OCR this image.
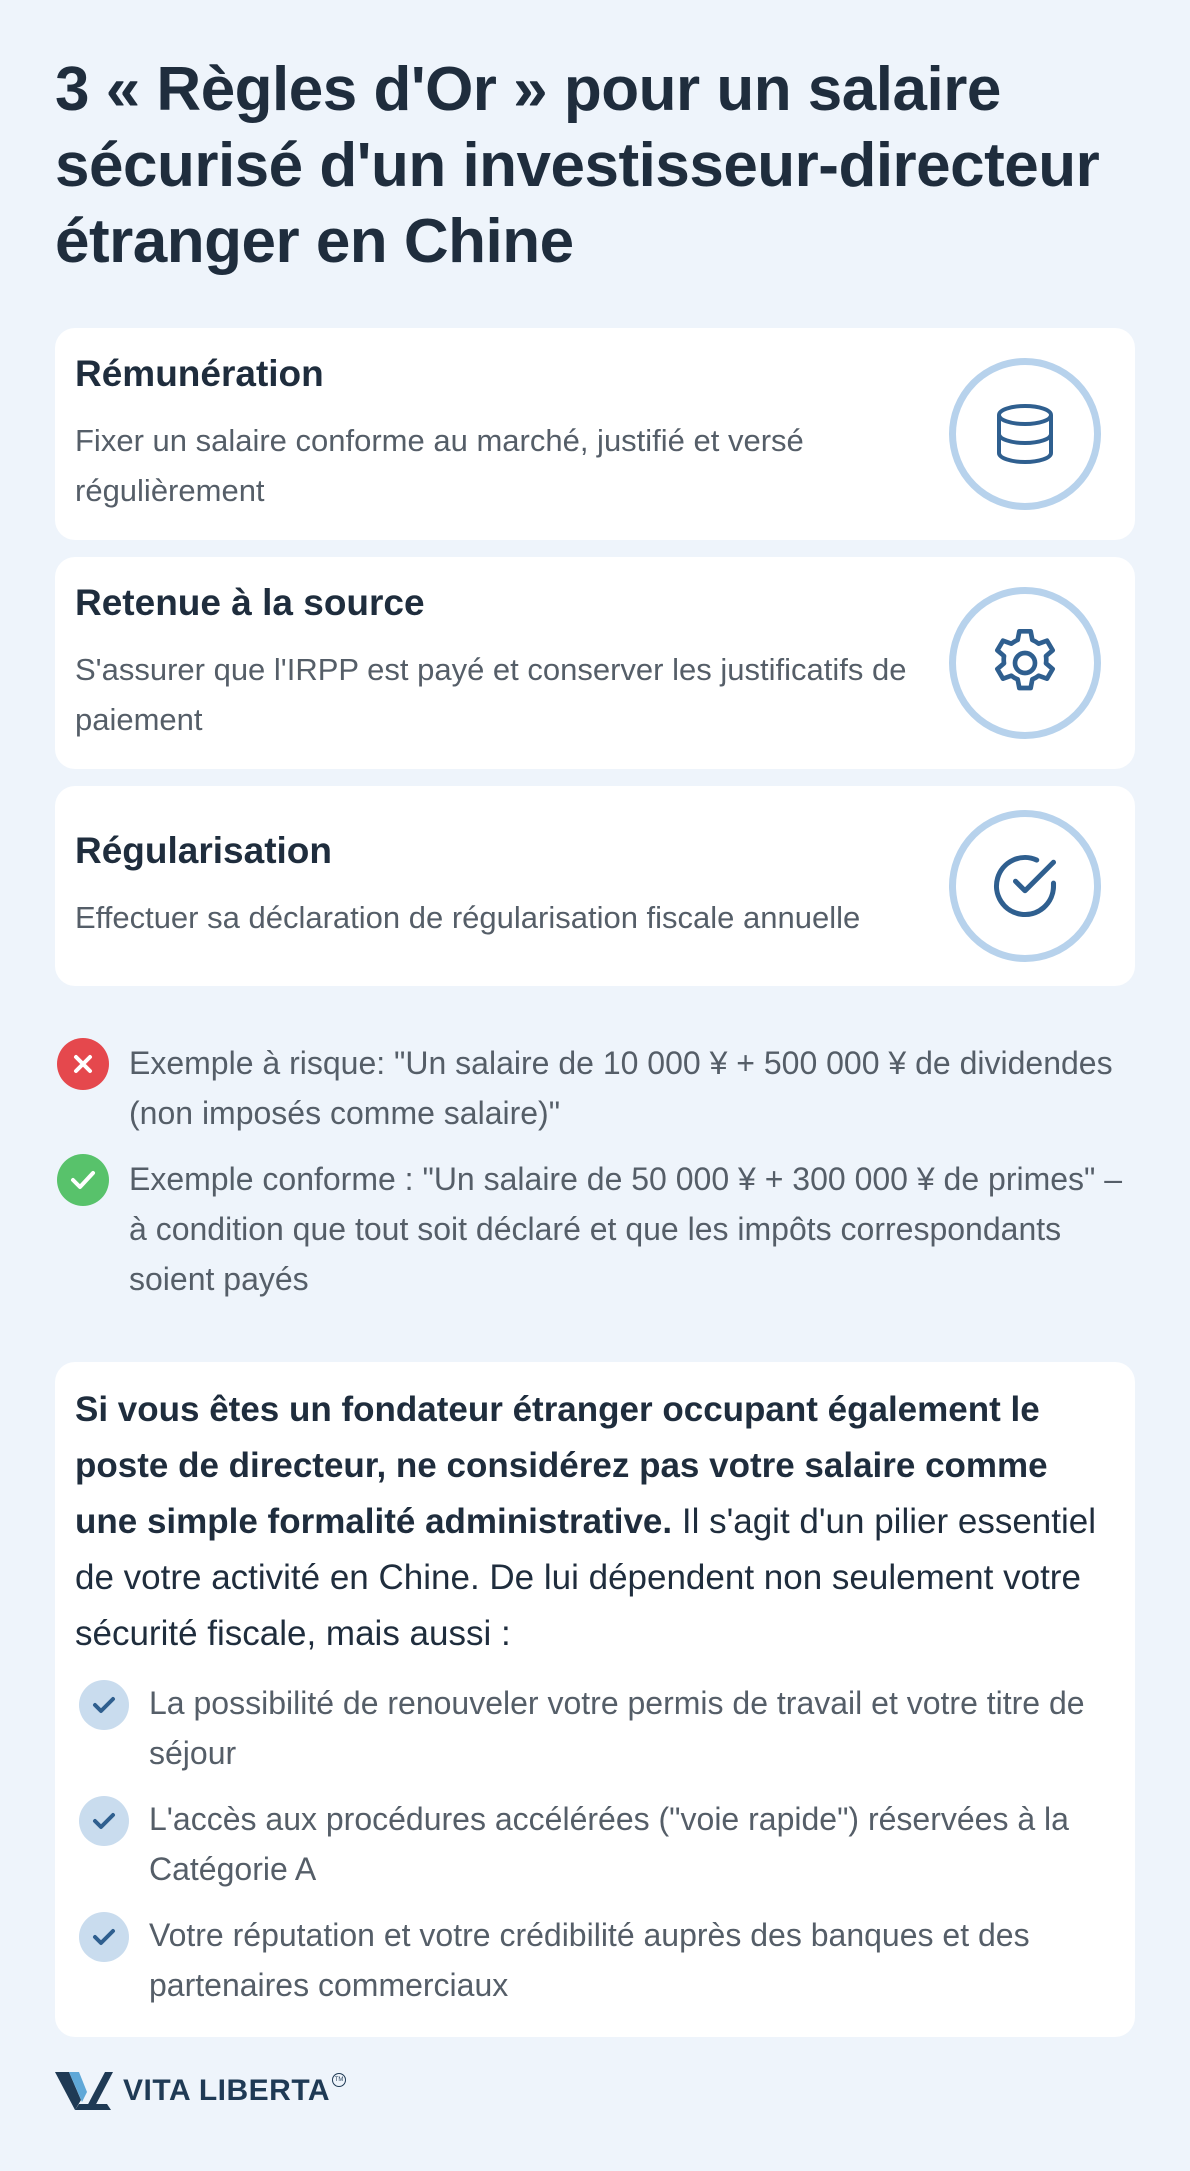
3 « Règles d'Or » pour un salaire sécurisé d'un investisseur-directeur étranger en Chine
Rémunération
Fixer un salaire conforme au marché, justifié et versé régulièrement
Retenue à la source
S'assurer que l'IRPP est payé et conserver les justificatifs de paiement
Régularisation
Effectuer sa déclaration de régularisation fiscale annuelle
Exemple à risque: "Un salaire de 10 000 ¥ + 500 000 ¥ de dividendes (non imposés comme salaire)"
Exemple conforme : "Un salaire de 50 000 ¥ + 300 000 ¥ de primes" – à condition que tout soit déclaré et que les impôts correspondants soient payés

Si vous êtes un fondateur étranger occupant également le poste de directeur, ne considérez pas votre salaire comme une simple formalité administrative. Il s'agit d'un pilier essentiel de votre activité en Chine. De lui dépendent non seulement votre sécurité fiscale, mais aussi :

La possibilité de renouveler votre permis de travail et votre titre de séjour
L'accès aux procédures accélérées ("voie rapide") réservées à la Catégorie A
Votre réputation et votre crédibilité auprès des banques et des partenaires commerciaux
VITA LIBERTA TM
